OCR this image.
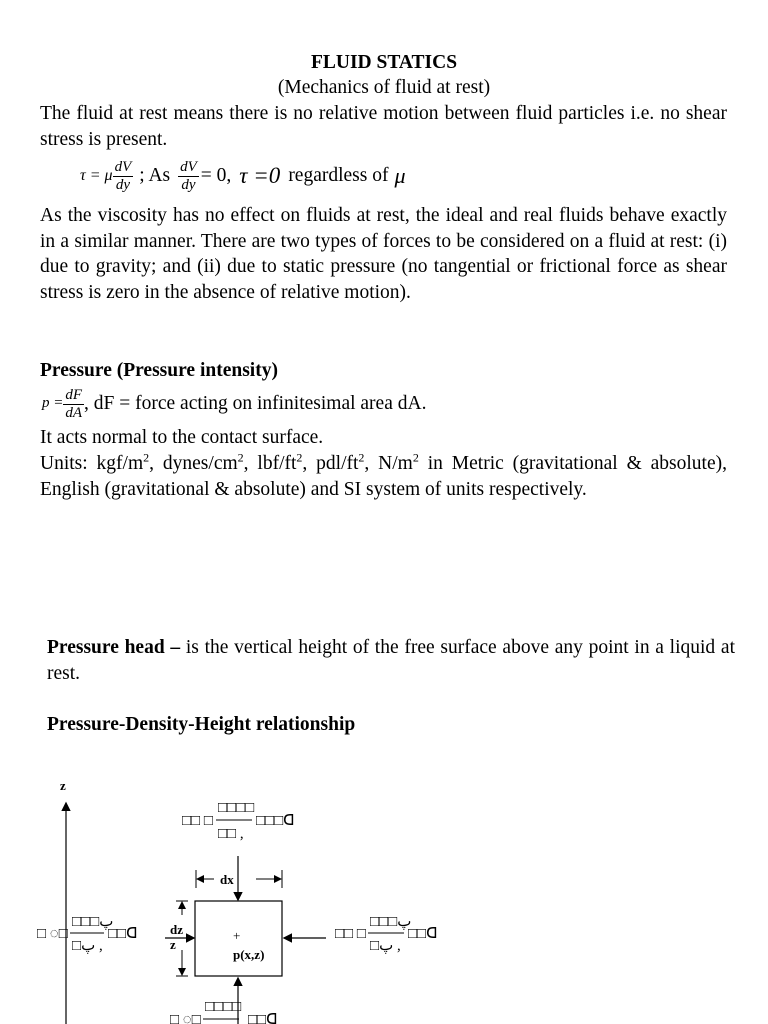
FLUID STATICS
(Mechanics of fluid at rest)
The fluid at rest means there is no relative motion between fluid particles i.e. no shear stress is present.
τ = μ $\frac{dV}{dy}$ ; As $\frac{dV}{dy} = 0$, τ =0 regardless of μ
As the viscosity has no effect on fluids at rest, the ideal and real fluids behave exactly in a similar manner. There are two types of forces to be considered on a fluid at rest: (i) due to gravity; and (ii) due to static pressure (no tangential or frictional force as shear stress is zero in the absence of relative motion).
Pressure (Pressure intensity)
$p = \frac{dF}{dA}$ , dF = force acting on infinitesimal area dA.
It acts normal to the contact surface.
Units: kgf/$m^2$, dynes/$cm^2$, lbf/$ft^2$, pdl/$ft^2$, $N/m^2$ in Metric (gravitational & absolute), English (gravitational & absolute) and SI system of units respectively.
Pressure head – is the vertical height of the free surface above any point in a liquid at rest.
Pressure-Density-Height relationship
z
+
p(x,z)
dx
dz
z
□□ □
□□□□
□□ ,
□□□ᗡ
□ ◌□
□□□پ
□پ ,
□□ᗡ	□□ □
□□□پ
□پ ,
□□ᗡ
□ ◌□
□□□□
□□ᗡ
